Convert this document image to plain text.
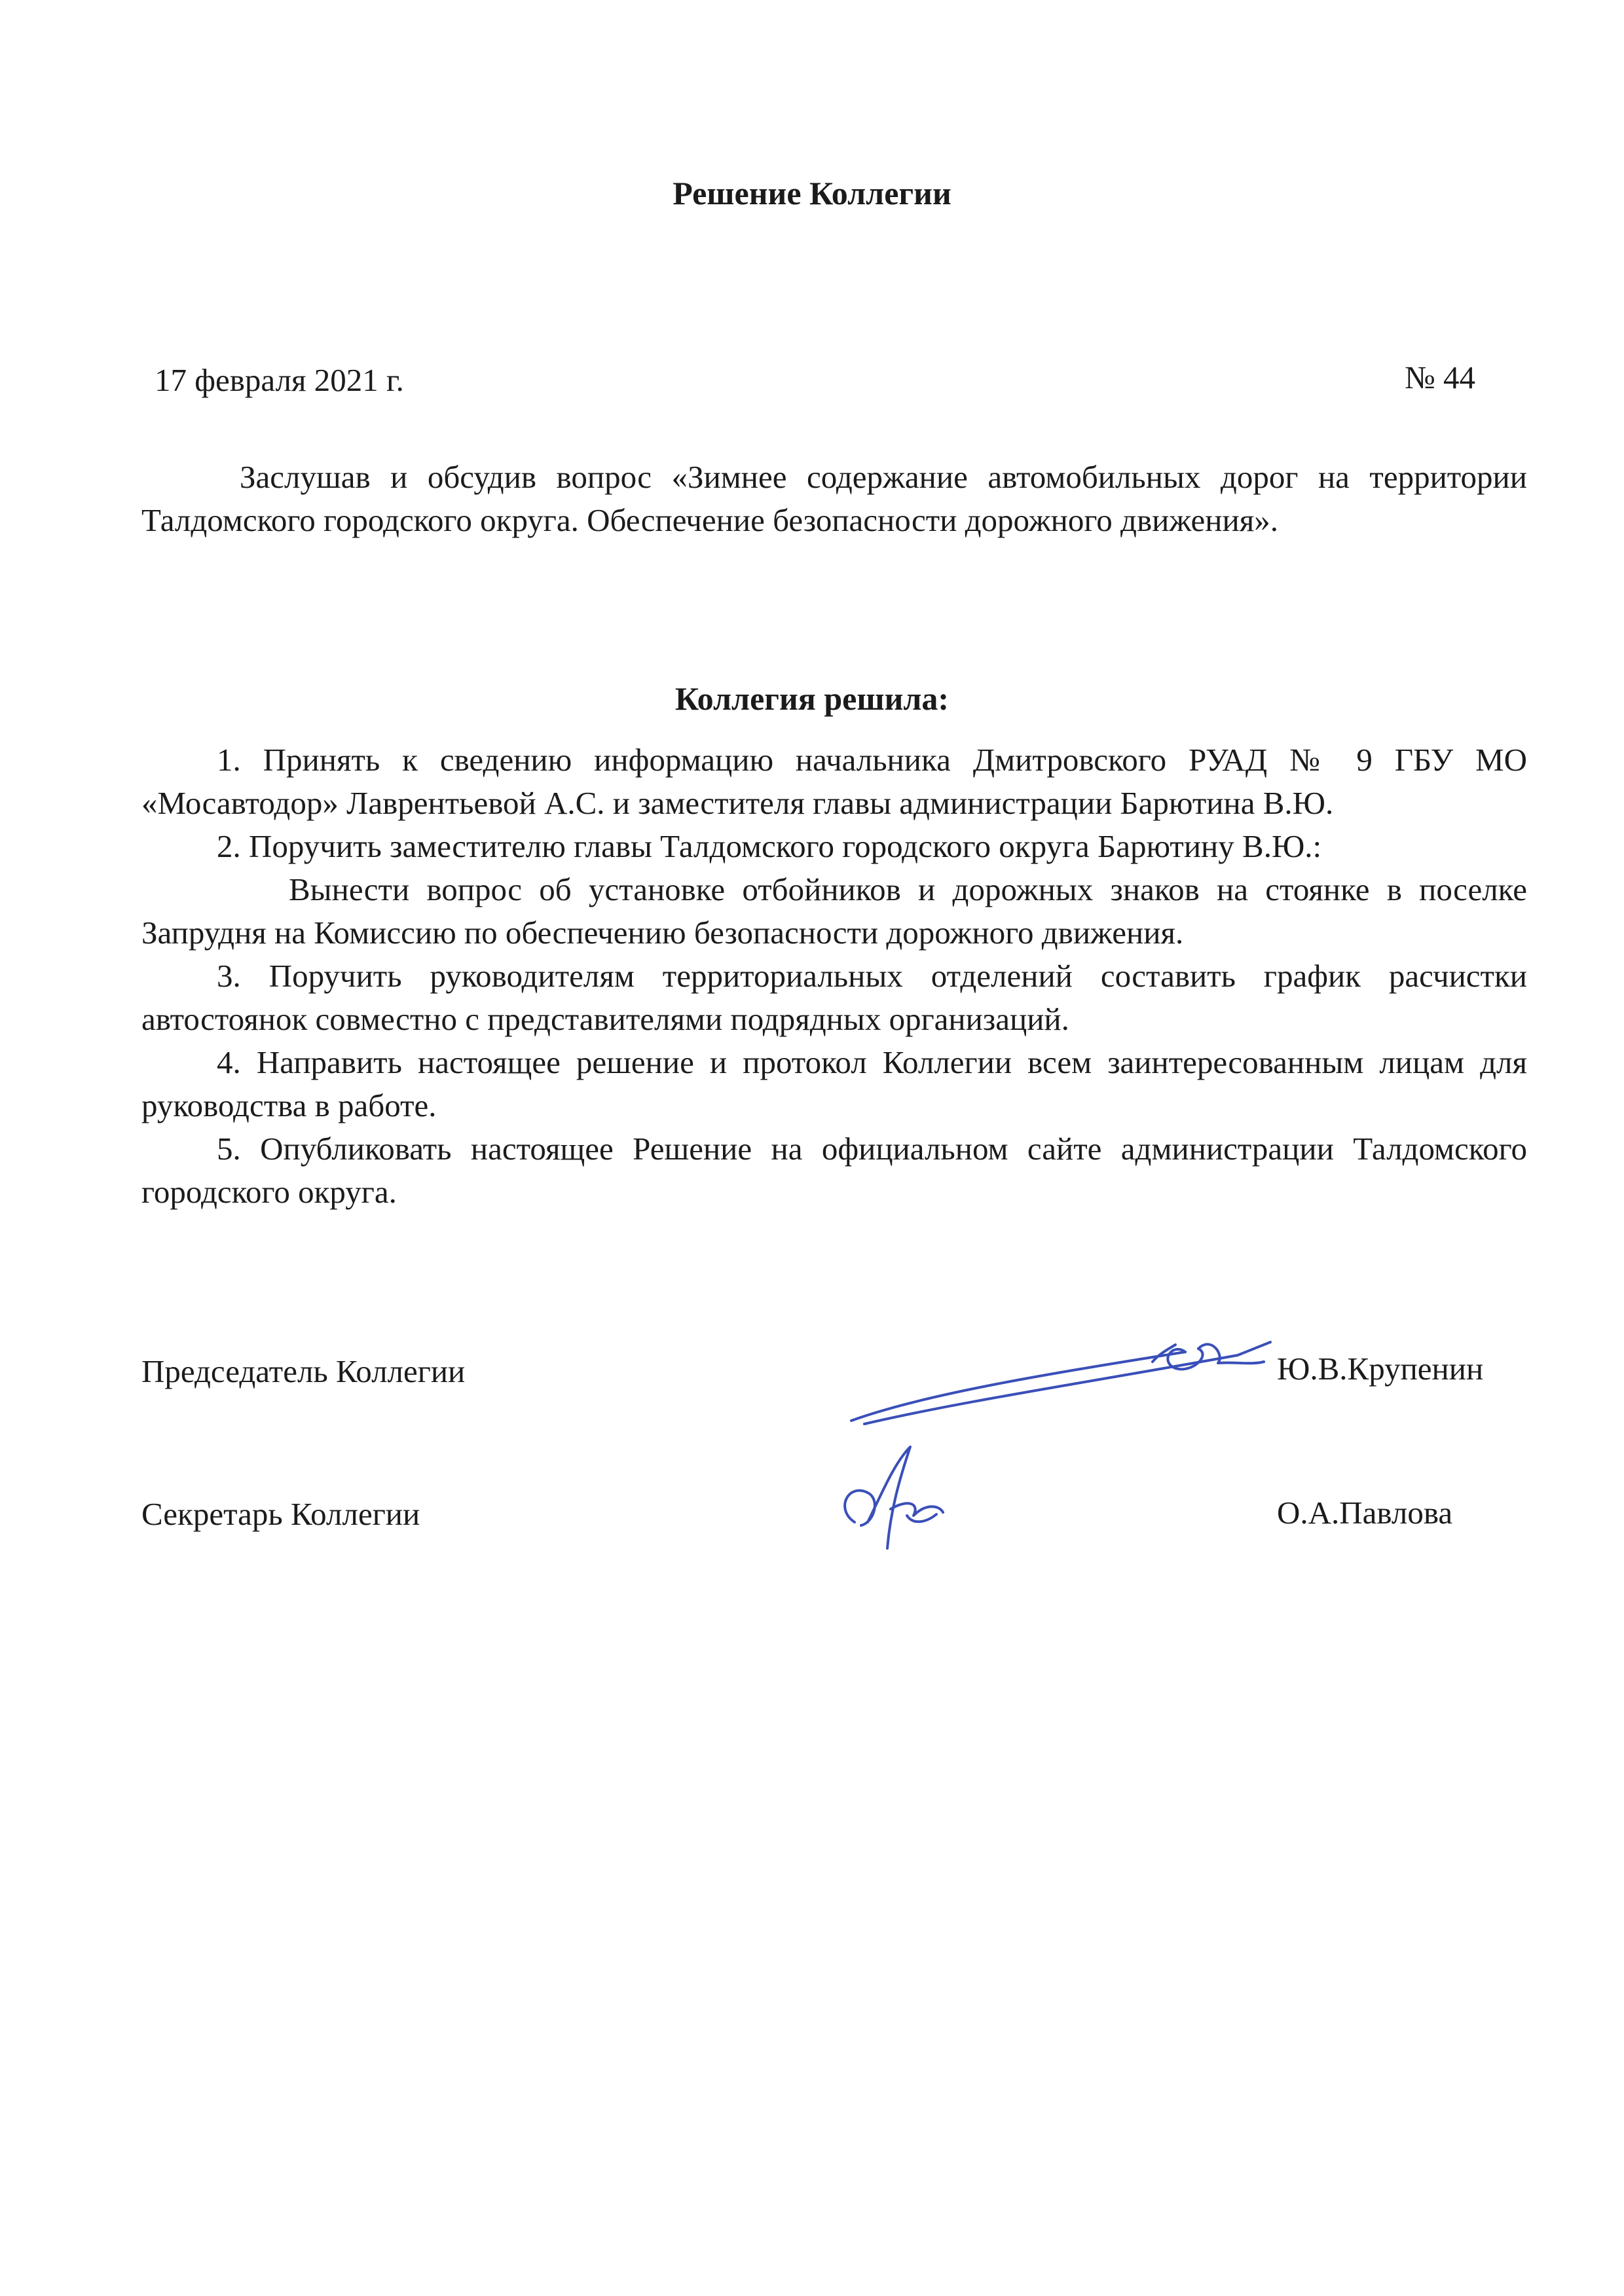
Решение Коллегии
17 февраля 2021 г.	№ 44
Заслушав и обсудив вопрос «Зимнее содержание автомобильных дорог на территории Талдомского городского округа. Обеспечение безопасности дорожного движения».
Коллегия решила:

1. Принять к сведению информацию начальника Дмитровского РУАД № 9 ГБУ МО «Мосавтодор» Лаврентьевой А.С. и заместителя главы администрации Барютина В.Ю.

2. Поручить заместителю главы Талдомского городского округа Барютину В.Ю.:

Вынести вопрос об установке отбойников и дорожных знаков на стоянке в поселке Запрудня на Комиссию по обеспечению безопасности дорожного движения.

3. Поручить руководителям территориальных отделений составить график расчистки автостоянок совместно с представителями подрядных организаций.

4. Направить настоящее решение и протокол Коллегии всем заинтересованным лицам для руководства в работе.

5. Опубликовать настоящее Решение на официальном сайте администрации Талдомского городского округа.

Председатель Коллегии	Ю.В.Крупенин
Секретарь Коллегии	О.А.Павлова
